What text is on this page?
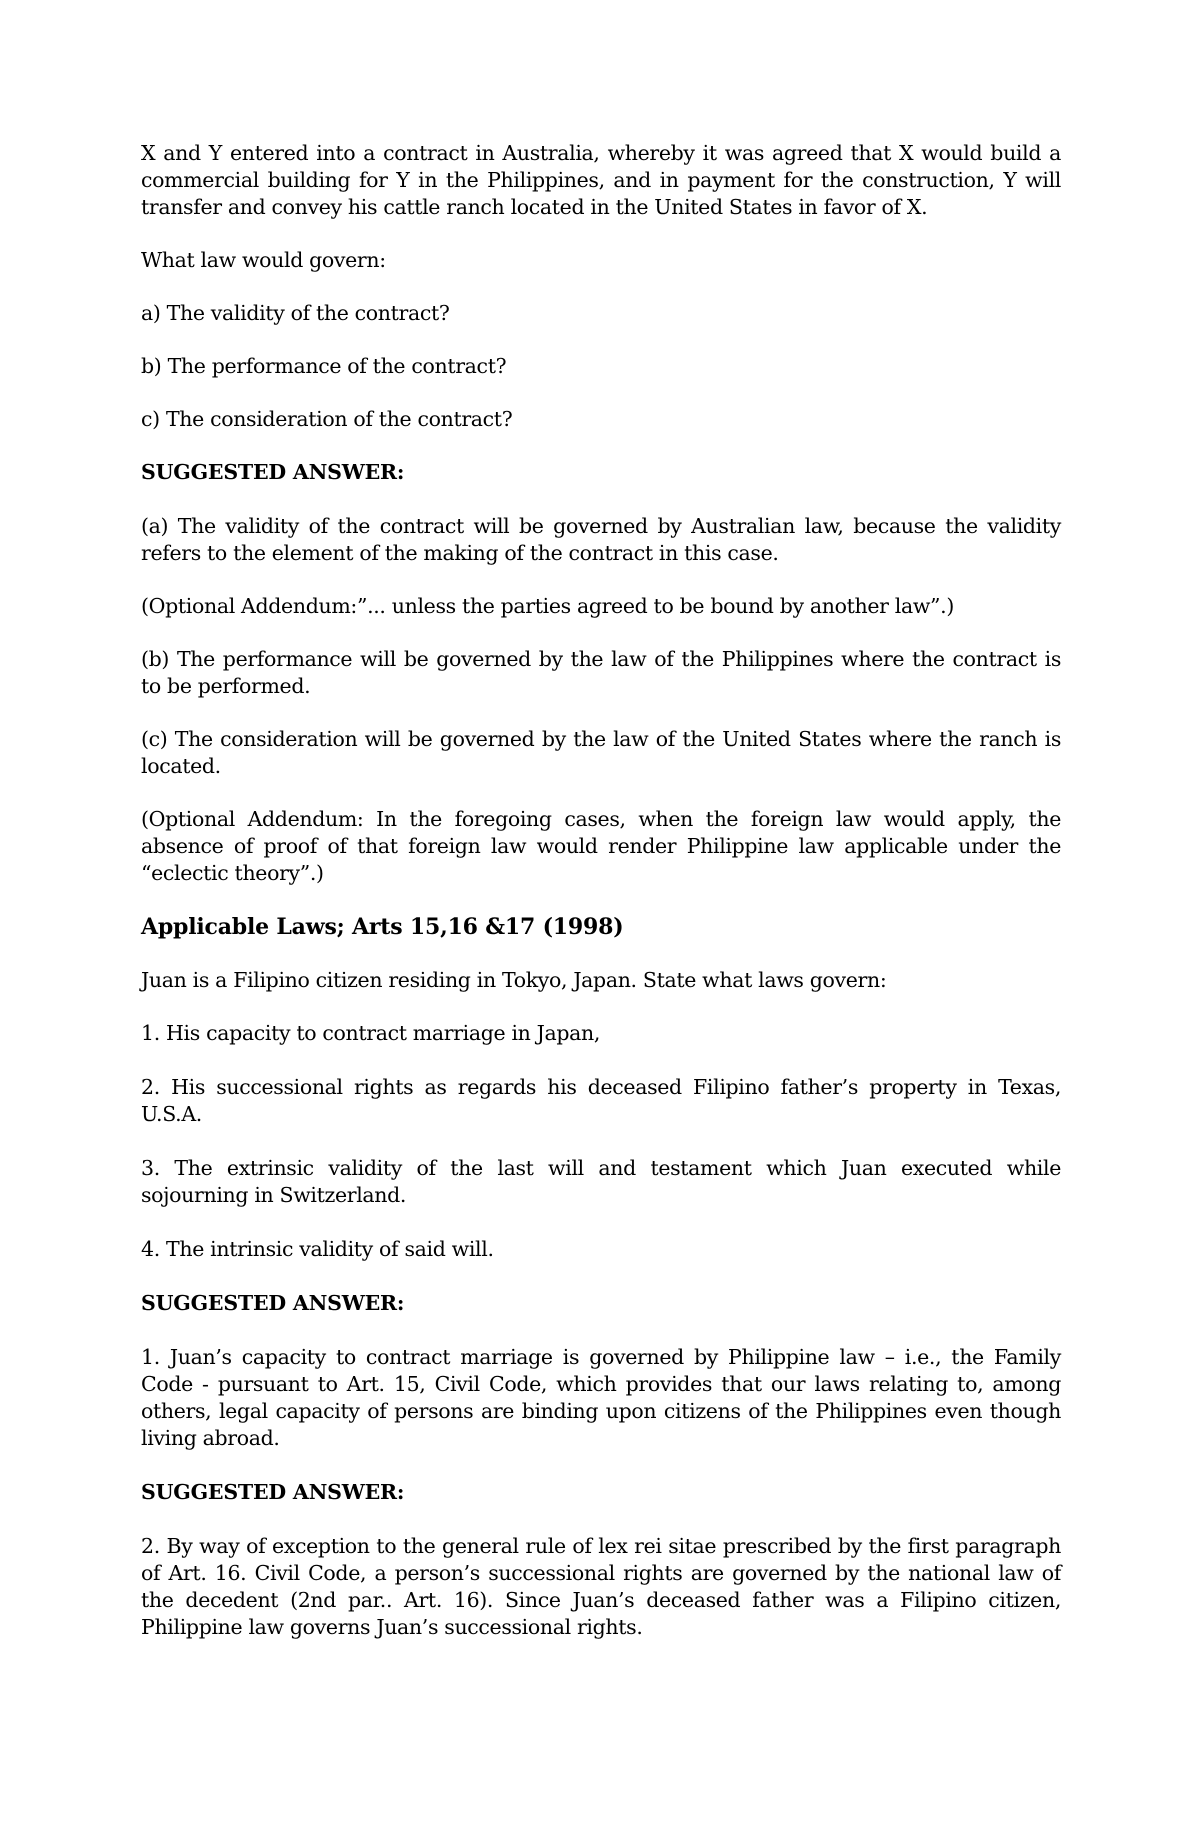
X and Y entered into a contract in Australia, whereby it was agreed that X would build a commercial building for Y in the Philippines, and in payment for the construction, Y will transfer and convey his cattle ranch located in the United States in favor of X.

What law would govern:

a) The validity of the contract?

b) The performance of the contract?

c) The consideration of the contract?

SUGGESTED ANSWER:

(a) The validity of the contract will be governed by Australian law, because the validity refers to the element of the making of the contract in this case.

(Optional Addendum:”... unless the parties agreed to be bound by another law”.)

(b) The performance will be governed by the law of the Philippines where the contract is to be performed.

(c) The consideration will be governed by the law of the United States where the ranch is located.

(Optional Addendum: In the foregoing cases, when the foreign law would apply, the absence of proof of that foreign law would render Philippine law applicable under the “eclectic theory”.)

Applicable Laws; Arts 15,16 &17 (1998)

Juan is a Filipino citizen residing in Tokyo, Japan. State what laws govern:

1. His capacity to contract marriage in Japan,

2. His successional rights as regards his deceased Filipino father’s property in Texas, U.S.A.

3. The extrinsic validity of the last will and testament which Juan executed while sojourning in Switzerland.

4. The intrinsic validity of said will.

SUGGESTED ANSWER:

1. Juan’s capacity to contract marriage is governed by Philippine law – i.e., the Family Code - pursuant to Art. 15, Civil Code, which provides that our laws relating to, among others, legal capacity of persons are binding upon citizens of the Philippines even though living abroad.

SUGGESTED ANSWER:

2. By way of exception to the general rule of lex rei sitae prescribed by the first paragraph of Art. 16. Civil Code, a person’s successional rights are governed by the national law of the decedent (2nd par.. Art. 16). Since Juan’s deceased father was a Filipino citizen, Philippine law governs Juan’s successional rights.
